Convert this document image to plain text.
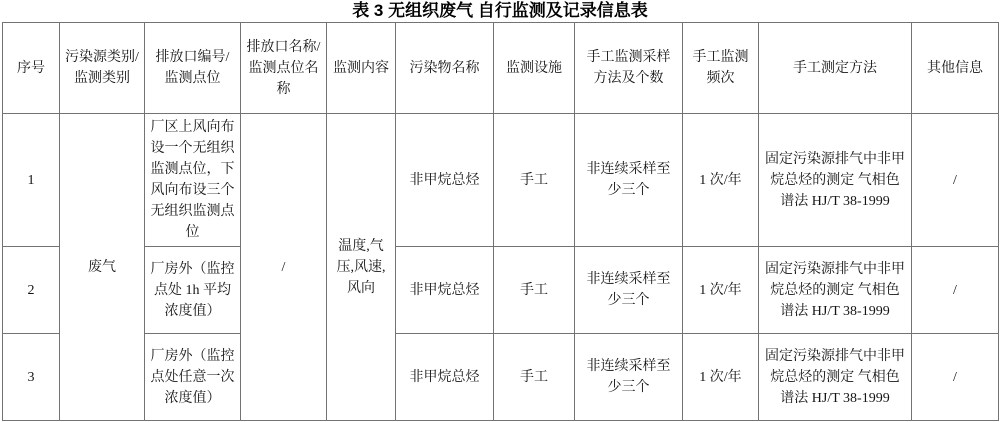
表 3 无组织废气 自行监测及记录信息表
序号	污染源类别/监测类别	排放口编号/监测点位	排放口名称/监测点位名称	监测内容	污染物名称	监测设施	手工监测采样方法及个数	手工监测频次	手工测定方法	其他信息
1	废气	厂区上风向布设一个无组织监测点位，下风向布设三个无组织监测点位	/	温度,气压,风速,风向	非甲烷总烃	手工	非连续采样至少三个	1 次/年	固定污染源排气中非甲烷总烃的测定 气相色谱法 HJ/T 38-1999	/
2		厂房外（监控点处 1h 平均浓度值）			非甲烷总烃	手工	非连续采样至少三个	1 次/年	固定污染源排气中非甲烷总烃的测定 气相色谱法 HJ/T 38-1999	/
3		厂房外（监控点处任意一次浓度值）			非甲烷总烃	手工	非连续采样至少三个	1 次/年	固定污染源排气中非甲烷总烃的测定 气相色谱法 HJ/T 38-1999	/
